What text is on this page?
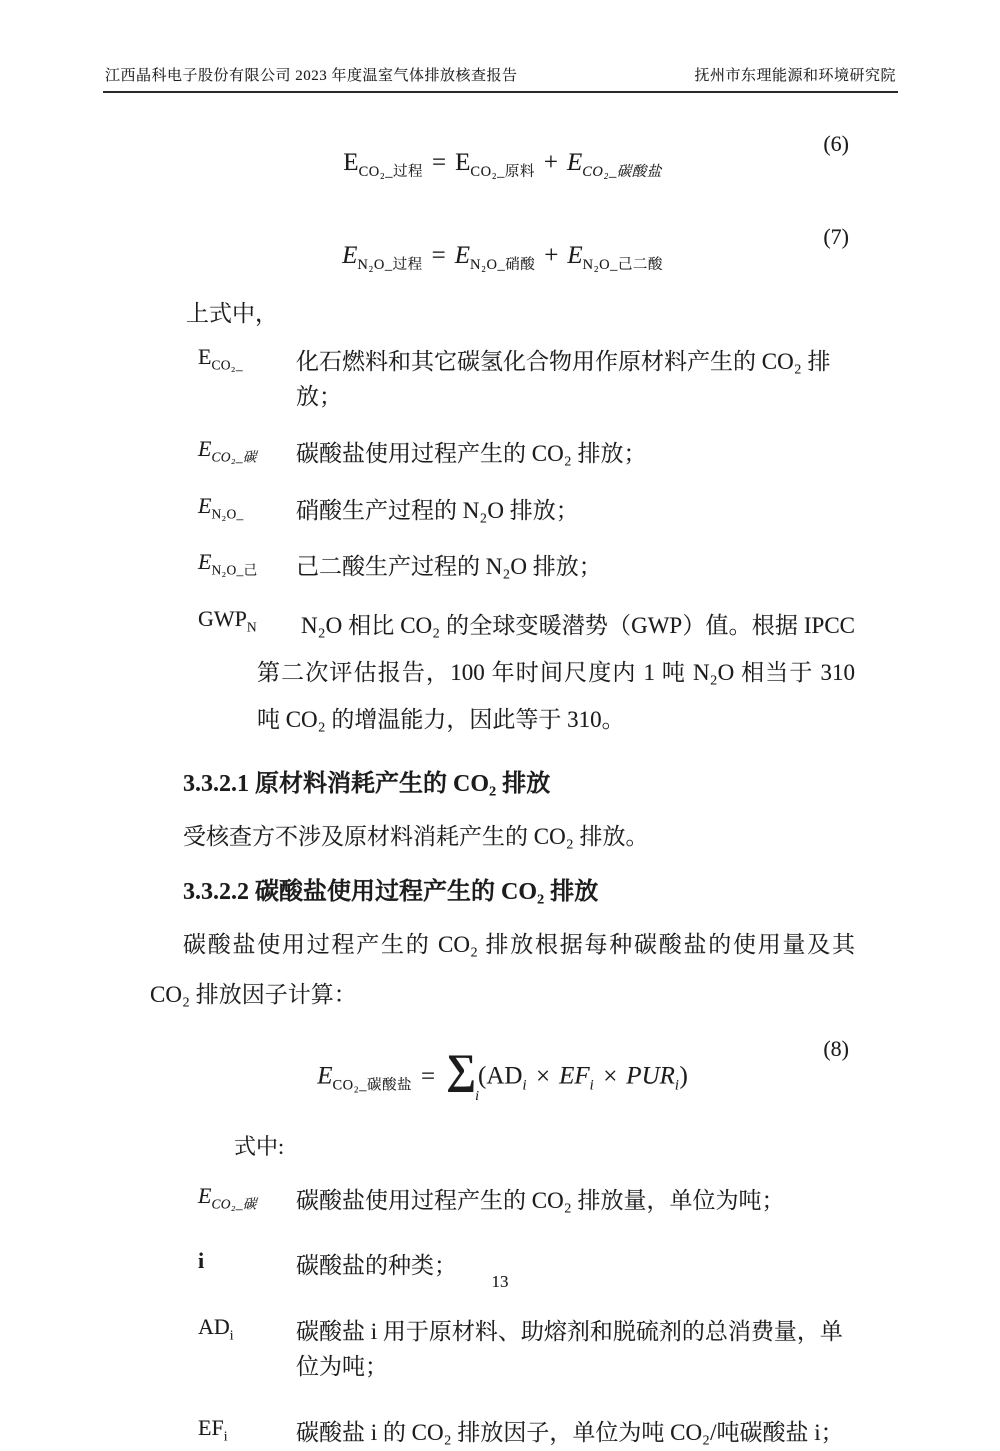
江西晶科电子股份有限公司 2023 年度温室气体排放核查报告	抚州市东理能源和环境研究院
$E_{CO_2\_过程} = E_{CO_2\_原料} + E_{CO_2\_碳酸盐}$
(6)
$E_{N_2O\_过程} = E_{N_2O\_硝酸} + E_{N_2O\_己二酸}$
(7)

上式中，

$E_{CO_2\_}$	化石燃料和其它碳氢化合物用作原材料产生的 CO₂ 排放；
$E_{CO_2\_碳}$	碳酸盐使用过程产生的 CO₂ 排放；
$E_{N_2O\_}$	硝酸生产过程的 N₂O 排放；
$E_{N_2O\_己}$	己二酸生产过程的 N₂O 排放；
$GWP_N$	N₂O 相比 CO₂ 的全球变暖潜势（GWP）值。根据 IPCC 第二次评估报告，100 年时间尺度内 1 吨 N₂O 相当于 310 吨 CO₂ 的增温能力，因此等于 310。
3.3.2.1 原材料消耗产生的 CO₂ 排放

受核查方不涉及原材料消耗产生的 CO₂ 排放。

3.3.2.2 碳酸盐使用过程产生的 CO₂ 排放

碳酸盐使用过程产生的 CO₂ 排放根据每种碳酸盐的使用量及其 CO₂ 排放因子计算：

$E_{CO_2\_碳酸盐}$ = ∑
i
$(AD_i \times EF_i \times PUR_i)$
(8)

式中:

$E_{CO_2\_碳}$	碳酸盐使用过程产生的 CO₂ 排放量，单位为吨；
i	碳酸盐的种类；
$AD_i$	碳酸盐 i 用于原材料、助熔剂和脱硫剂的总消费量，单位为吨；
$EF_i$	碳酸盐 i 的 CO₂ 排放因子，单位为吨 CO₂/吨碳酸盐 i；
13
